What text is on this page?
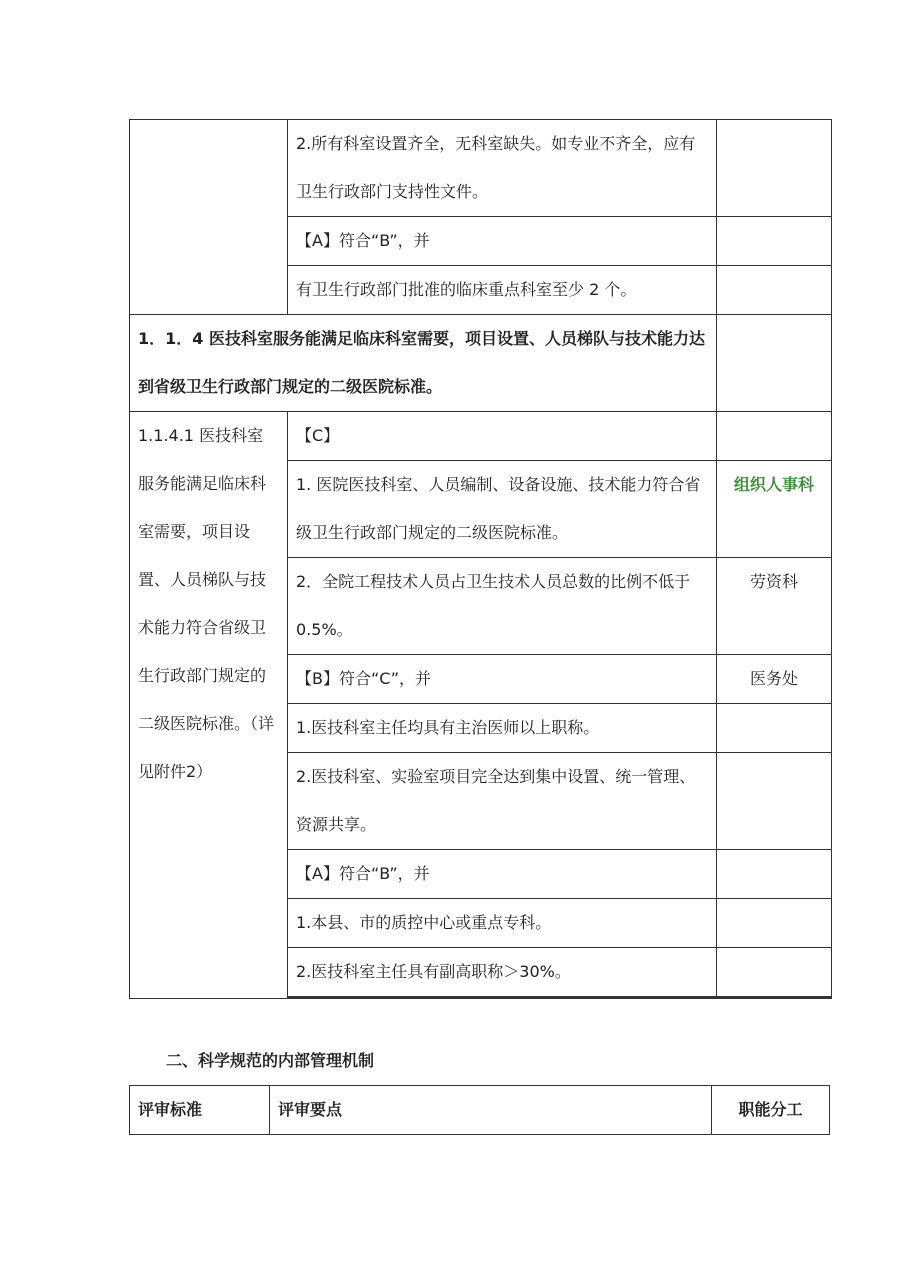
	2.所有科室设置齐全，无科室缺失。如专业不齐全，应有卫生行政部门支持性文件。	
	【A】符合“B”，并	
	有卫生行政部门批准的临床重点科室至少 2 个。	
1．1．4 医技科室服务能满足临床科室需要，项目设置、人员梯队与技术能力达到省级卫生行政部门规定的二级医院标准。		
1.1.4.1 医技科室服务能满足临床科室需要，项目设置、人员梯队与技术能力符合省级卫生行政部门规定的二级医院标准。（详见附件2）	【C】	
	1. 医院医技科室、人员编制、设备设施、技术能力符合省级卫生行政部门规定的二级医院标准。	组织人事科
	2．全院工程技术人员占卫生技术人员总数的比例不低于 0.5%。	劳资科
	【B】符合“C”，并	医务处
	1.医技科室主任均具有主治医师以上职称。	
	2.医技科室、实验室项目完全达到集中设置、统一管理、资源共享。	
	【A】符合“B”，并	
	1.本县、市的质控中心或重点专科。	
	2.医技科室主任具有副高职称＞30%。	

二、科学规范的内部管理机制

评审标准	评审要点	职能分工
